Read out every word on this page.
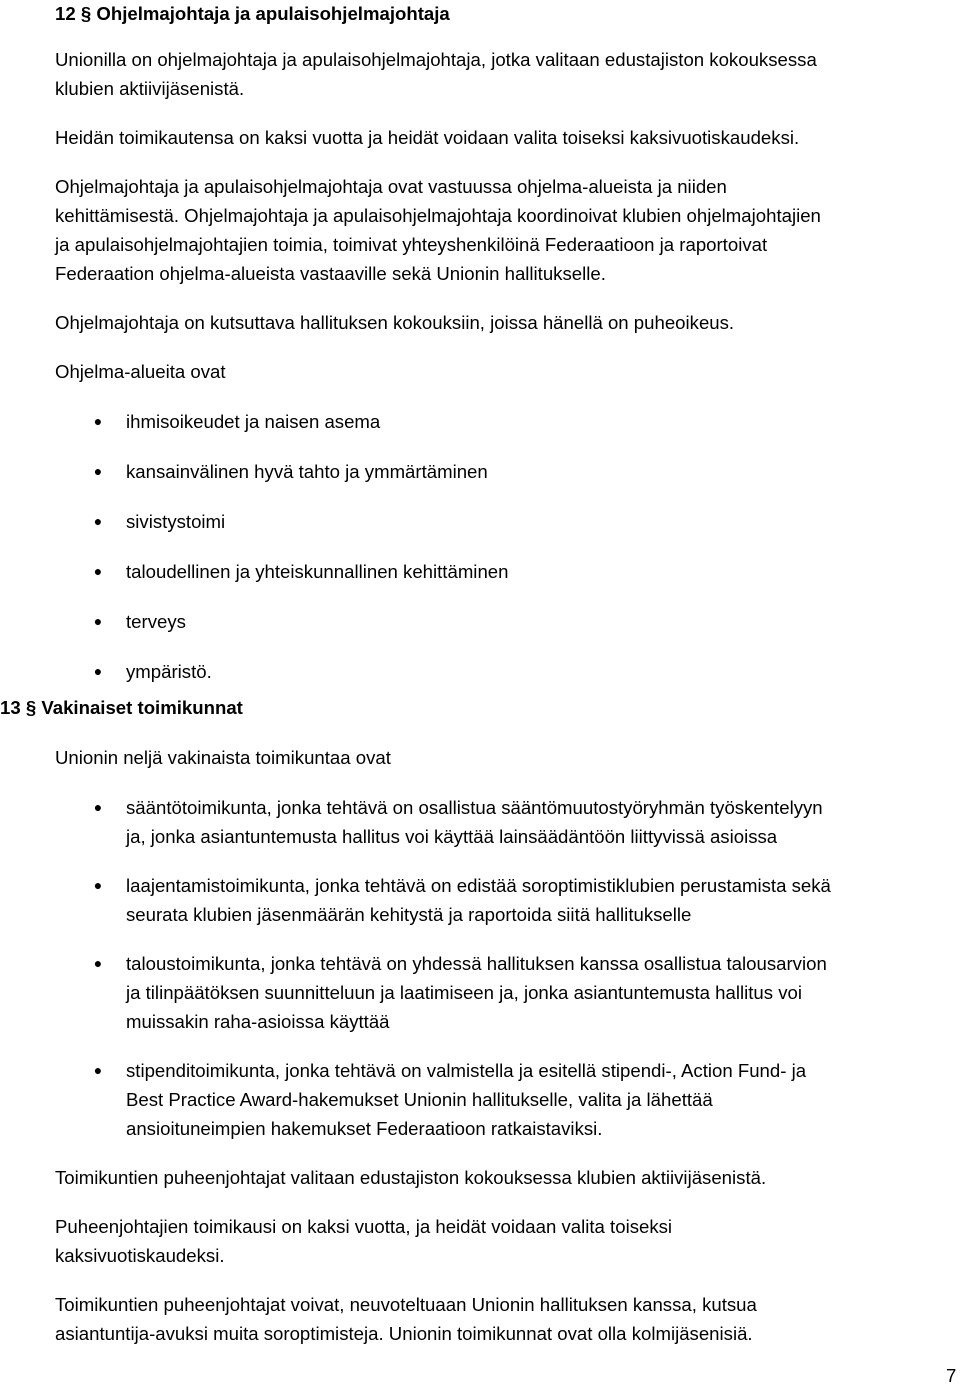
12 § Ohjelmajohtaja ja apulaisohjelmajohtaja

Unionilla on ohjelmajohtaja ja apulaisohjelmajohtaja, jotka valitaan edustajiston kokouksessa
klubien aktiivijäsenistä.

Heidän toimikautensa on kaksi vuotta ja heidät voidaan valita toiseksi kaksivuotiskaudeksi.

Ohjelmajohtaja ja apulaisohjelmajohtaja ovat vastuussa ohjelma-alueista ja niiden
kehittämisestä. Ohjelmajohtaja ja apulaisohjelmajohtaja koordinoivat klubien ohjelmajohtajien
ja apulaisohjelmajohtajien toimia, toimivat yhteyshenkilöinä Federaatioon ja raportoivat
Federaation ohjelma-alueista vastaaville sekä Unionin hallitukselle.

Ohjelmajohtaja on kutsuttava hallituksen kokouksiin, joissa hänellä on puheoikeus.

Ohjelma-alueita ovat

● ihmisoikeudet ja naisen asema
● kansainvälinen hyvä tahto ja ymmärtäminen
● sivistystoimi
● taloudellinen ja yhteiskunnallinen kehittäminen
● terveys
● ympäristö.
13 § Vakinaiset toimikunnat

Unionin neljä vakinaista toimikuntaa ovat

● sääntötoimikunta, jonka tehtävä on osallistua sääntömuutostyöryhmän työskentelyyn
ja, jonka asiantuntemusta hallitus voi käyttää lainsäädäntöön liittyvissä asioissa
● laajentamistoimikunta, jonka tehtävä on edistää soroptimistiklubien perustamista sekä
seurata klubien jäsenmäärän kehitystä ja raportoida siitä hallitukselle
● taloustoimikunta, jonka tehtävä on yhdessä hallituksen kanssa osallistua talousarvion
ja tilinpäätöksen suunnitteluun ja laatimiseen ja, jonka asiantuntemusta hallitus voi
muissakin raha-asioissa käyttää
● stipenditoimikunta, jonka tehtävä on valmistella ja esitellä stipendi-, Action Fund- ja
Best Practice Award-hakemukset Unionin hallitukselle, valita ja lähettää
ansioituneimpien hakemukset Federaatioon ratkaistaviksi.

Toimikuntien puheenjohtajat valitaan edustajiston kokouksessa klubien aktiivijäsenistä.

Puheenjohtajien toimikausi on kaksi vuotta, ja heidät voidaan valita toiseksi
kaksivuotiskaudeksi.

Toimikuntien puheenjohtajat voivat, neuvoteltuaan Unionin hallituksen kanssa, kutsua
asiantuntija-avuksi muita soroptimisteja. Unionin toimikunnat ovat olla kolmijäsenisiä.

7
